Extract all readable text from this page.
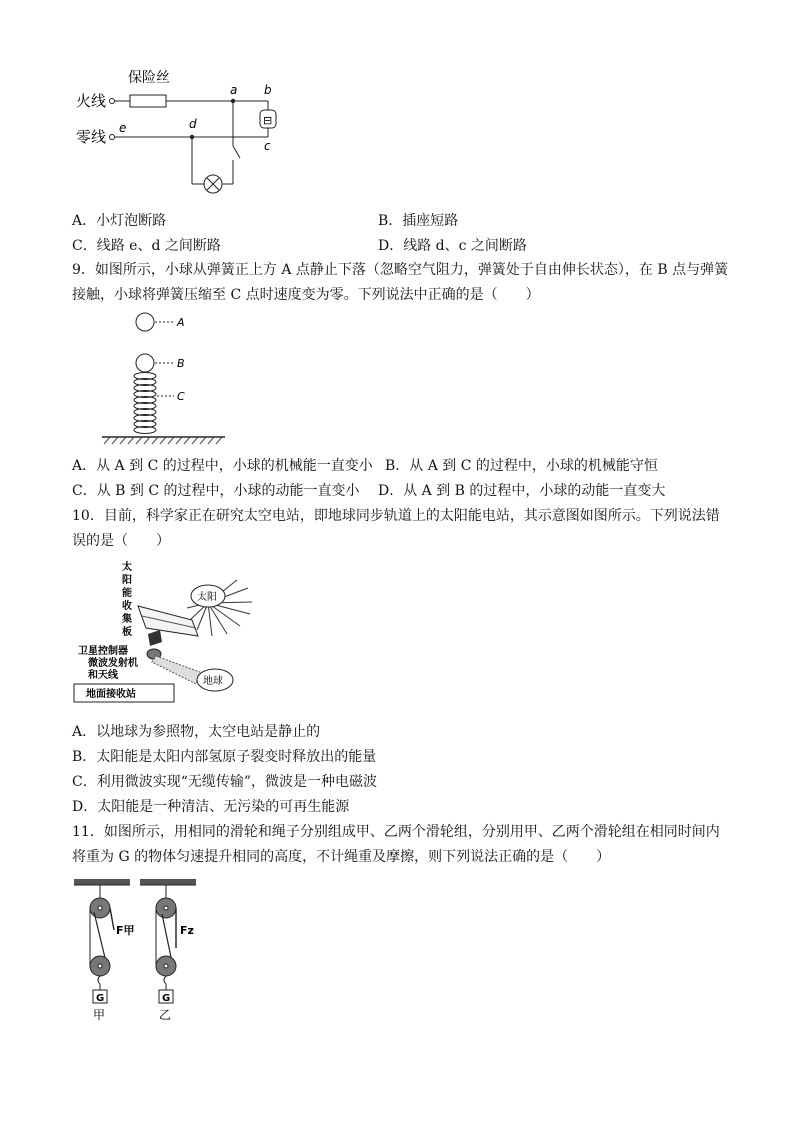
火线
零线
保险丝
a b
c
d
e
⊟
A．小灯泡断路	B．插座短路
C．线路 e、d 之间断路	D．线路 d、c 之间断路
9．如图所示，小球从弹簧正上方 A 点静止下落（忽略空气阻力，弹簧处于自由伸长状态），在 B 点与弹簧
接触，小球将弹簧压缩至 C 点时速度变为零。下列说法中正确的是（　　）
A
B
C
A．从 A 到 C 的过程中，小球的机械能一直变小 B．从 A 到 C 的过程中，小球的机械能守恒
C．从 B 到 C 的过程中，小球的动能一直变小 D．从 A 到 B 的过程中，小球的动能一直变大
10．目前，科学家正在研究太空电站，即地球同步轨道上的太阳能电站，其示意图如图所示。下列说法错
误的是（　　）
太
阳
能
收
集
板
太阳
卫星控制器
微波发射机
和天线
地球
地面接收站
A．以地球为参照物，太空电站是静止的
B．太阳能是太阳内部氢原子裂变时释放出的能量
C．利用微波实现“无缆传输”，微波是一种电磁波
D．太阳能是一种清洁、无污染的可再生能源
11．如图所示，用相同的滑轮和绳子分别组成甲、乙两个滑轮组，分别用甲、乙两个滑轮组在相同时间内
将重为 G 的物体匀速提升相同的高度，不计绳重及摩擦，则下列说法正确的是（　　）
F甲
G
甲
Fz
G
乙
